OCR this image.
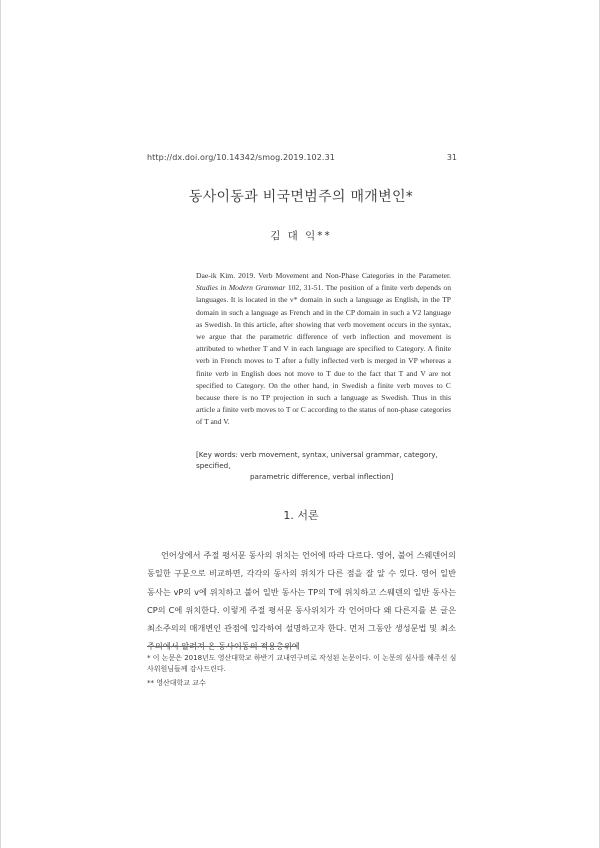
http://dx.doi.org/10.14342/smog.2019.102.31	31
동사이동과 비국면범주의 매개변인*
김 대 익**
Dae-ik Kim. 2019. Verb Movement and Non-Phase Categories in the Parameter. Studies in Modern Grammar 102, 31-51. The position of a finite verb depends on languages. It is located in the v* domain in such a language as English, in the TP domain in such a language as French and in the CP domain in such a V2 language as Swedish. In this article, after showing that verb movement occurs in the syntax, we argue that the parametric difference of verb inflection and movement is attributed to whether T and V in each language are specified to Category. A finite verb in French moves to T after a fully inflected verb is merged in VP whereas a finite verb in English does not move to T due to the fact that T and V are not specified to Category. On the other hand, in Swedish a finite verb moves to C because there is no TP projection in such a language as Swedish. Thus in this article a finite verb moves to T or C according to the status of non-phase categories of T and V.
[Key words: verb movement, syntax, universal grammar, category, specified,
parametric difference, verbal inflection]
1. 서론
언어상에서 주절 평서문 동사의 위치는 언어에 따라 다르다. 영어, 불어 스웨덴어의 동일한 구문으로 비교하면, 각각의 동사의 위치가 다른 점을 잘 알 수 있다. 영어 일반 동사는 vP의 v에 위치하고 불어 일반 동사는 TP의 T에 위치하고 스웨덴의 일반 동사는 CP의 C에 위치한다. 이렇게 주절 평서문 동사위치가 각 언어마다 왜 다른지를 본 글은 최소주의의 매개변인 관점에 입각하여 설명하고자 한다. 먼저 그동안 생성문법 및 최소주의에서 알려져 온 동사이동의 적용층위에
* 이 논문은 2018년도 영산대학교 하반기 교내연구비로 작성된 논문이다. 이 논문의 심사를 해주신 심사위원님들께 감사드린다.
** 영산대학교 교수
